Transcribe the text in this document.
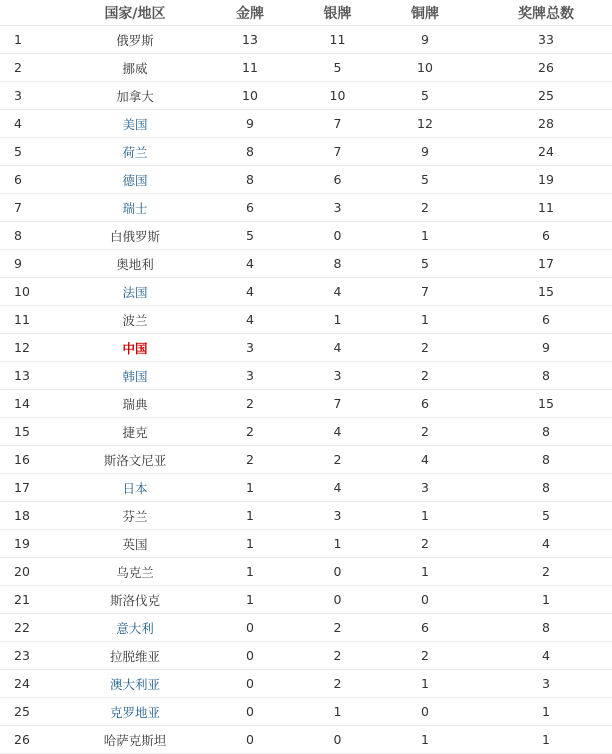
	国家/地区	金牌	银牌	铜牌	奖牌总数
1	俄罗斯	13	11	9	33
2	挪威	11	5	10	26
3	加拿大	10	10	5	25
4	美国	9	7	12	28
5	荷兰	8	7	9	24
6	德国	8	6	5	19
7	瑞士	6	3	2	11
8	白俄罗斯	5	0	1	6
9	奥地利	4	8	5	17
10	法国	4	4	7	15
11	波兰	4	1	1	6
12	中国	3	4	2	9
13	韩国	3	3	2	8
14	瑞典	2	7	6	15
15	捷克	2	4	2	8
16	斯洛文尼亚	2	2	4	8
17	日本	1	4	3	8
18	芬兰	1	3	1	5
19	英国	1	1	2	4
20	乌克兰	1	0	1	2
21	斯洛伐克	1	0	0	1
22	意大利	0	2	6	8
23	拉脱维亚	0	2	2	4
24	澳大利亚	0	2	1	3
25	克罗地亚	0	1	0	1
26	哈萨克斯坦	0	0	1	1
